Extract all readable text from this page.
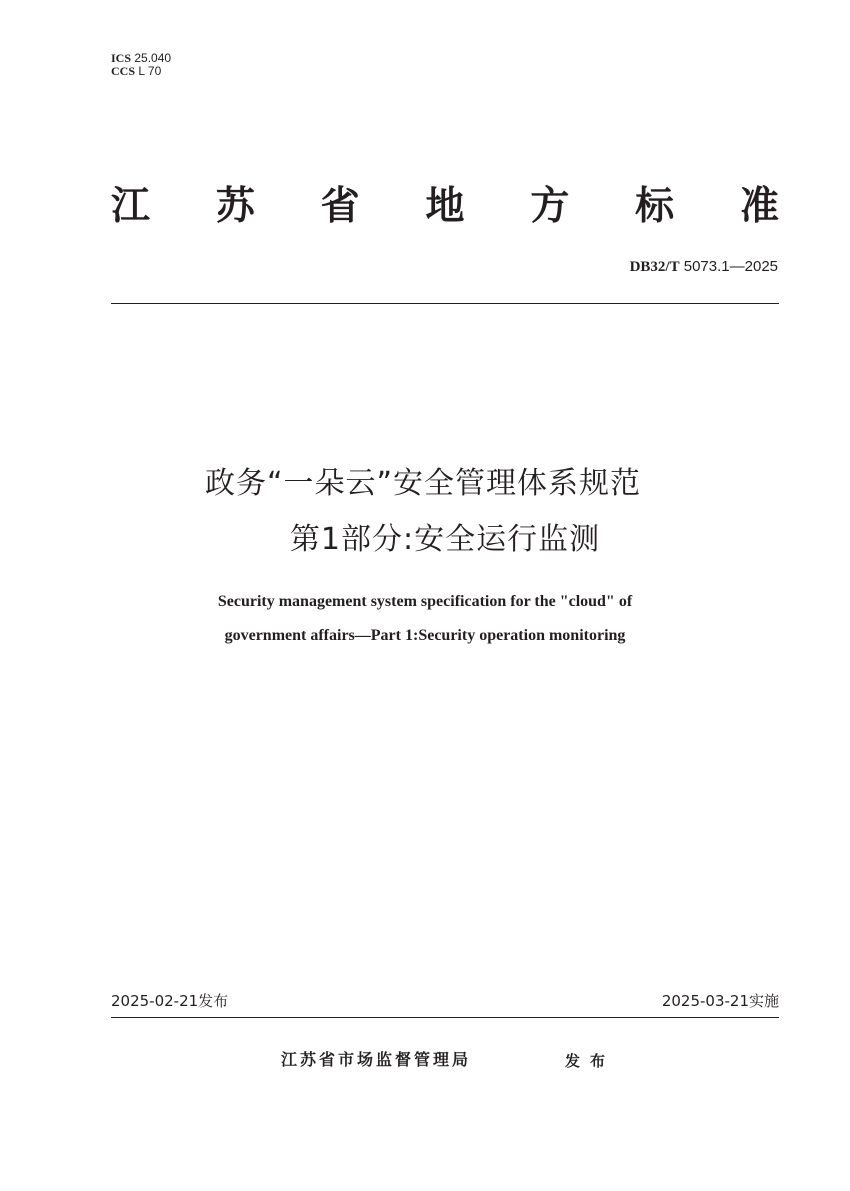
ICS 25.040
CCS L 70
江 苏 省 地 方 标 准
DB32/T 5073.1—2025
政务“一朵云”安全管理体系规范
第1部分:安全运行监测
Security management system specification for the "cloud" of
government affairs—Part 1:Security operation monitoring
2025-02-21发布	2025-03-21实施
江苏省市场监督管理局	发布
